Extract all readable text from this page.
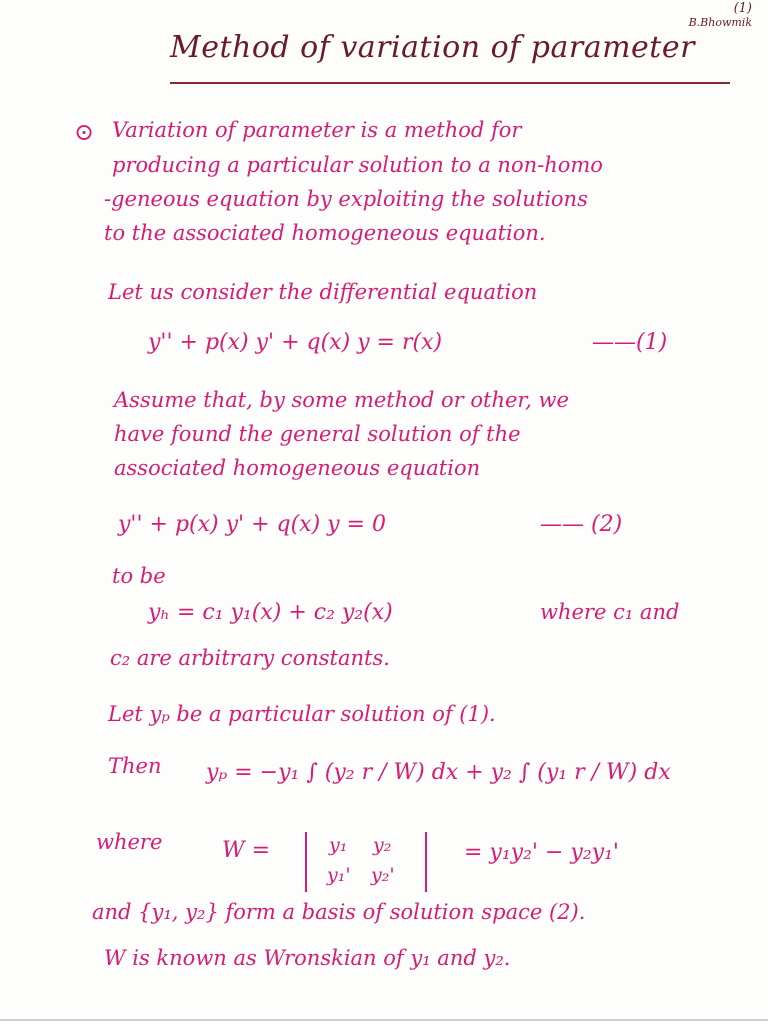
(1)
B.Bhowmik
Method of variation of parameter
⊙ Variation of parameter is a method for
producing a particular solution to a non-homo
-geneous equation by exploiting the solutions
to the associated homogeneous equation.
Let us consider the differential equation
y'' + p(x) y' + q(x) y = r(x)	——(1)
Assume that, by some method or other, we
have found the general solution of the
associated homogeneous equation
y'' + p(x) y' + q(x) y = 0	—— (2)
to be
yₕ = c₁ y₁(x) + c₂ y₂(x)	where c₁ and
c₂ are arbitrary constants.
Let yₚ be a particular solution of (1).
Then yₚ = −y₁ ∫ (y₂ r / W) dx + y₂ ∫ (y₁ r / W) dx
where	W =	y₁ y₂
y₁' y₂'
= y₁y₂' − y₂y₁'
and {y₁, y₂} form a basis of solution space (2).
W is known as Wronskian of y₁ and y₂.
